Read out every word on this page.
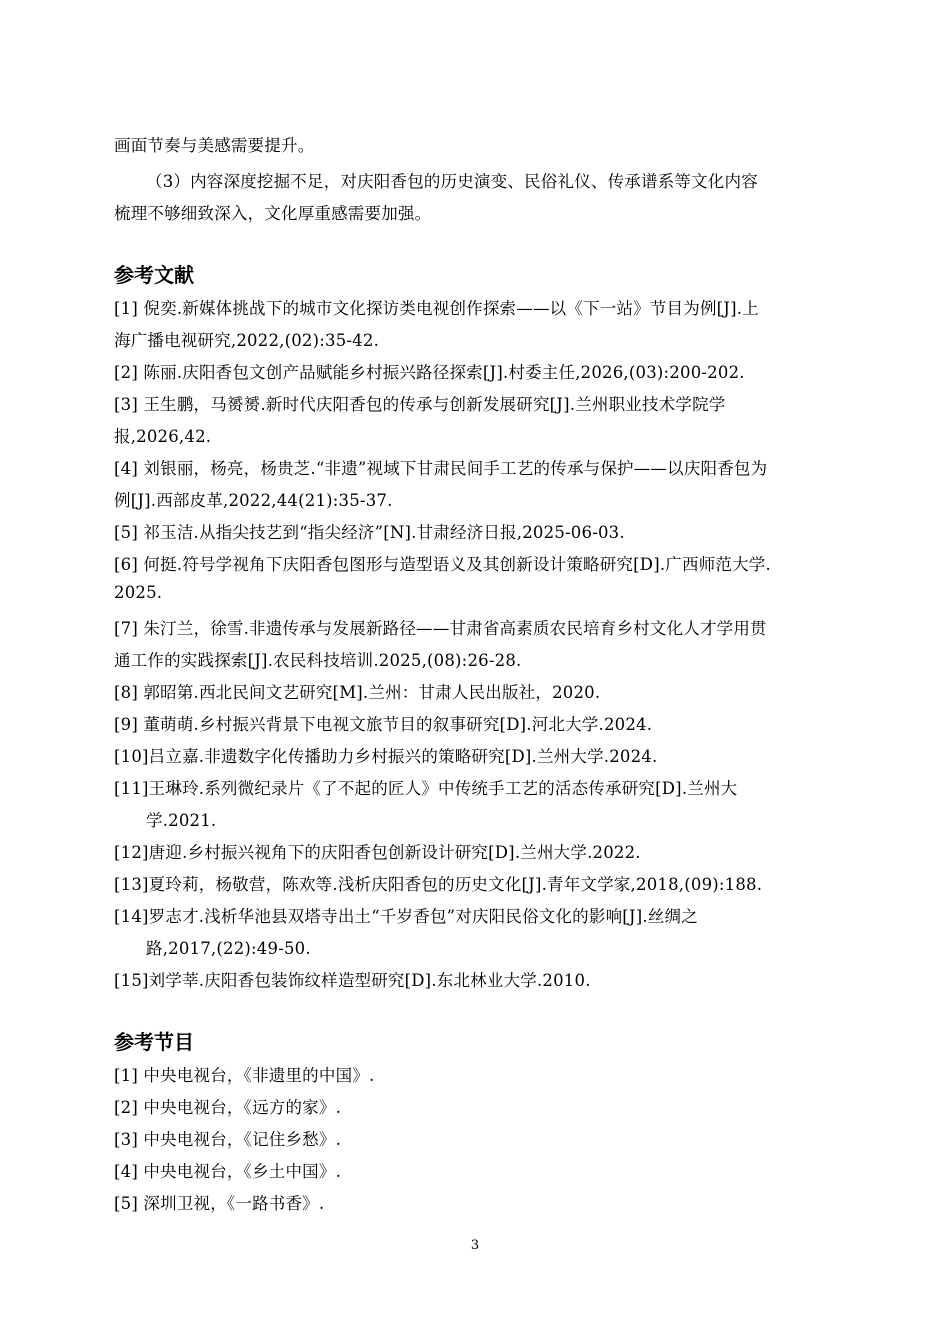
画面节奏与美感需要提升。
（3）内容深度挖掘不足，对庆阳香包的历史演变、民俗礼仪、传承谱系等文化内容
梳理不够细致深入，文化厚重感需要加强。
参考文献
[1] 倪奕.新媒体挑战下的城市文化探访类电视创作探索——以《下一站》节目为例[J].上
海广播电视研究,2022,(02):35-42.
[2] 陈丽.庆阳香包文创产品赋能乡村振兴路径探索[J].村委主任,2026,(03):200-202.
[3] 王生鹏，马赟赟.新时代庆阳香包的传承与创新发展研究[J].兰州职业技术学院学
报,2026,42.
[4] 刘银丽，杨亮，杨贵芝.“非遗”视域下甘肃民间手工艺的传承与保护——以庆阳香包为
例[J].西部皮革,2022,44(21):35-37.
[5] 祁玉洁.从指尖技艺到“指尖经济”[N].甘肃经济日报,2025-06-03.
[6] 何挺.符号学视角下庆阳香包图形与造型语义及其创新设计策略研究[D].广西师范大学.
2025.
[7] 朱汀兰，徐雪.非遗传承与发展新路径——甘肃省高素质农民培育乡村文化人才学用贯
通工作的实践探索[J].农民科技培训.2025,(08):26-28.
[8] 郭昭第.西北民间文艺研究[M].兰州：甘肃人民出版社，2020.
[9] 董萌萌.乡村振兴背景下电视文旅节目的叙事研究[D].河北大学.2024.
[10]吕立嘉.非遗数字化传播助力乡村振兴的策略研究[D].兰州大学.2024.
[11]王琳玲.系列微纪录片《了不起的匠人》中传统手工艺的活态传承研究[D].兰州大
学.2021.
[12]唐迎.乡村振兴视角下的庆阳香包创新设计研究[D].兰州大学.2022.
[13]夏玲莉，杨敬营，陈欢等.浅析庆阳香包的历史文化[J].青年文学家,2018,(09):188.
[14]罗志才.浅析华池县双塔寺出土“千岁香包”对庆阳民俗文化的影响[J].丝绸之
路,2017,(22):49-50.
[15]刘学莘.庆阳香包装饰纹样造型研究[D].东北林业大学.2010.
参考节目
[1] 中央电视台，《非遗里的中国》.
[2] 中央电视台，《远方的家》.
[3] 中央电视台，《记住乡愁》.
[4] 中央电视台，《乡土中国》.
[5] 深圳卫视，《一路书香》.
3
